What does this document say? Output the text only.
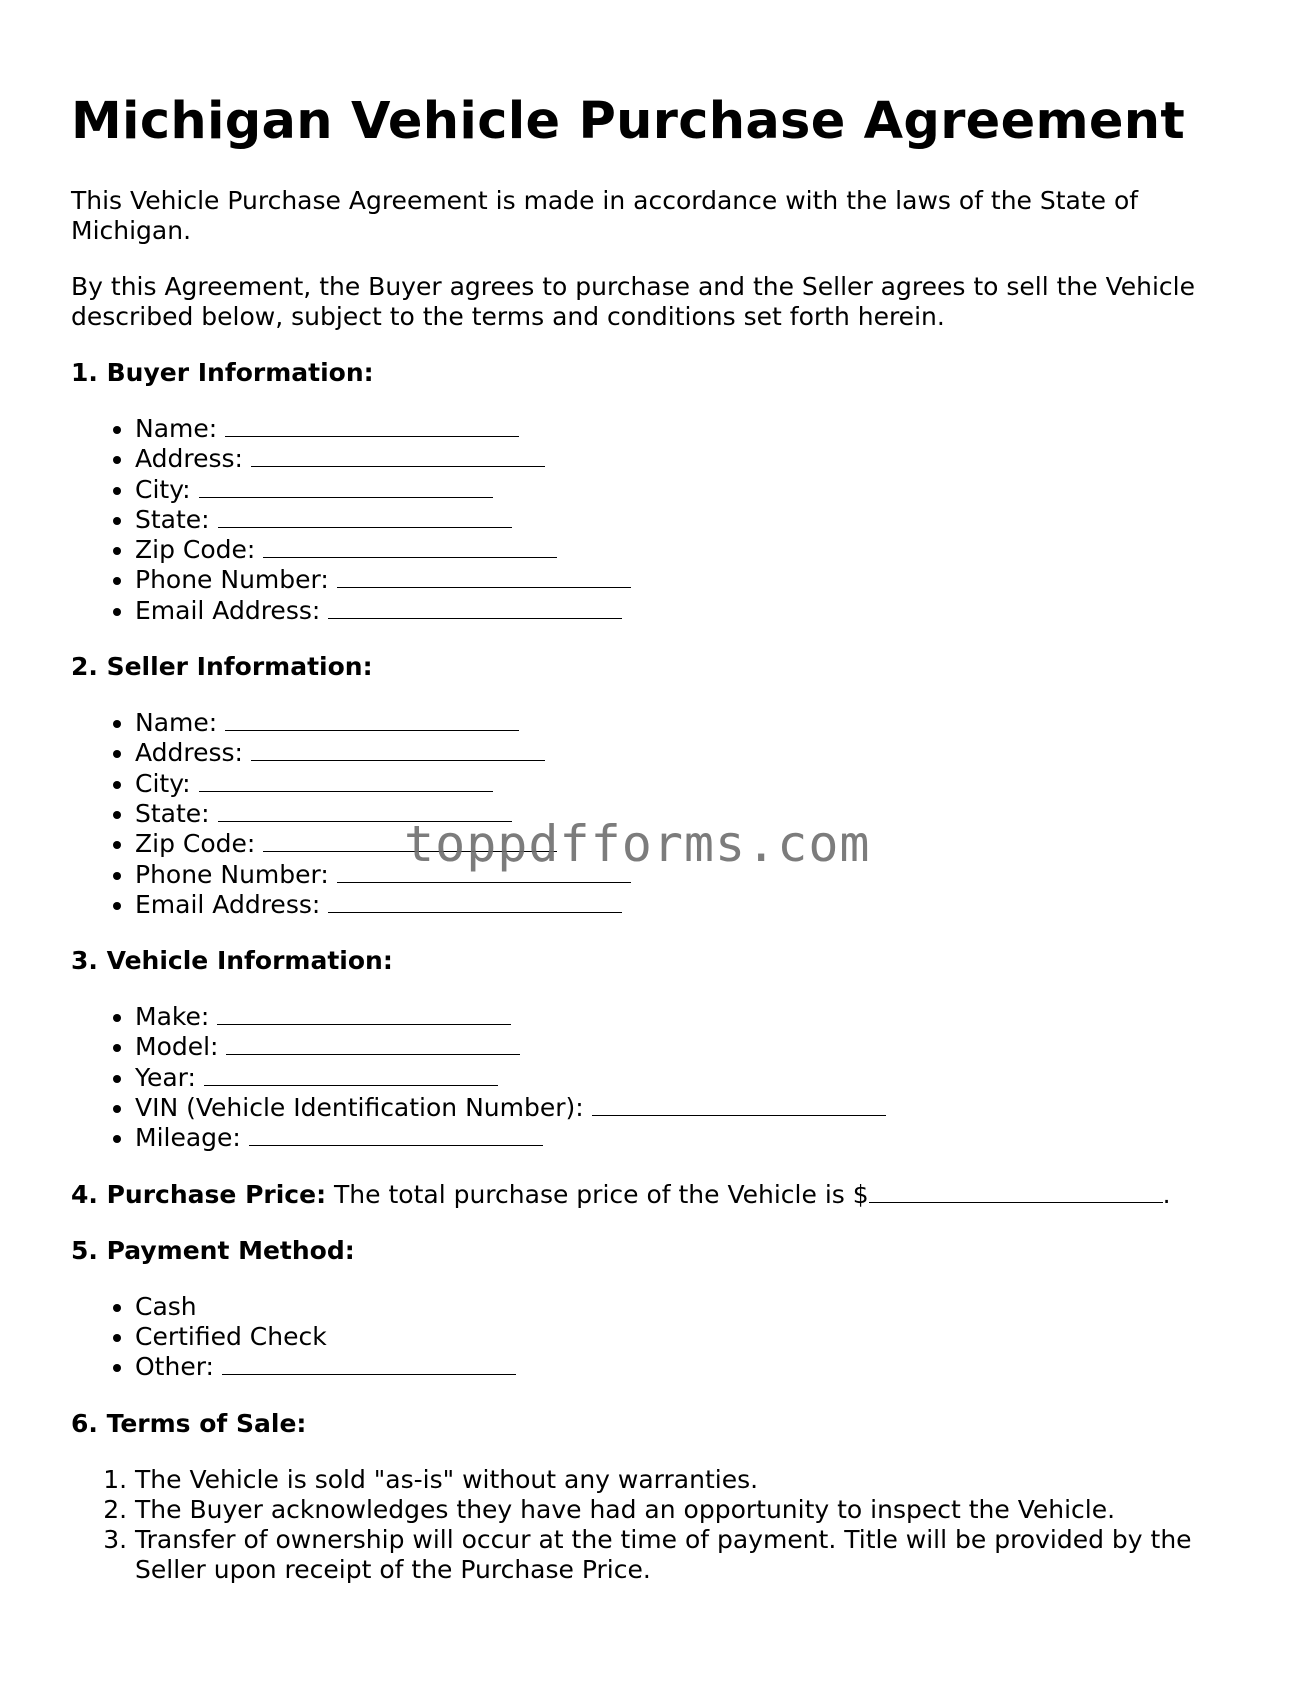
Michigan Vehicle Purchase Agreement

This Vehicle Purchase Agreement is made in accordance with the laws of the State of Michigan.

By this Agreement, the Buyer agrees to purchase and the Seller agrees to sell the Vehicle described below, subject to the terms and conditions set forth herein.

1. Buyer Information:
• Name:
• Address:
• City:
• State:
• Zip Code:
• Phone Number:
• Email Address:
2. Seller Information:
• Name:
• Address:
• City:
• State:
• Zip Code:
• Phone Number:
• Email Address:
3. Vehicle Information:
• Make:
• Model:
• Year:
• VIN (Vehicle Identification Number):
• Mileage:
4. Purchase Price: The total purchase price of the Vehicle is $	.
5. Payment Method:
• Cash
• Certified Check
• Other:
6. Terms of Sale:
1. The Vehicle is sold "as-is" without any warranties.
2. The Buyer acknowledges they have had an opportunity to inspect the Vehicle.
3. Transfer of ownership will occur at the time of payment. Title will be provided by the Seller upon receipt of the Purchase Price.
toppdfforms.com
